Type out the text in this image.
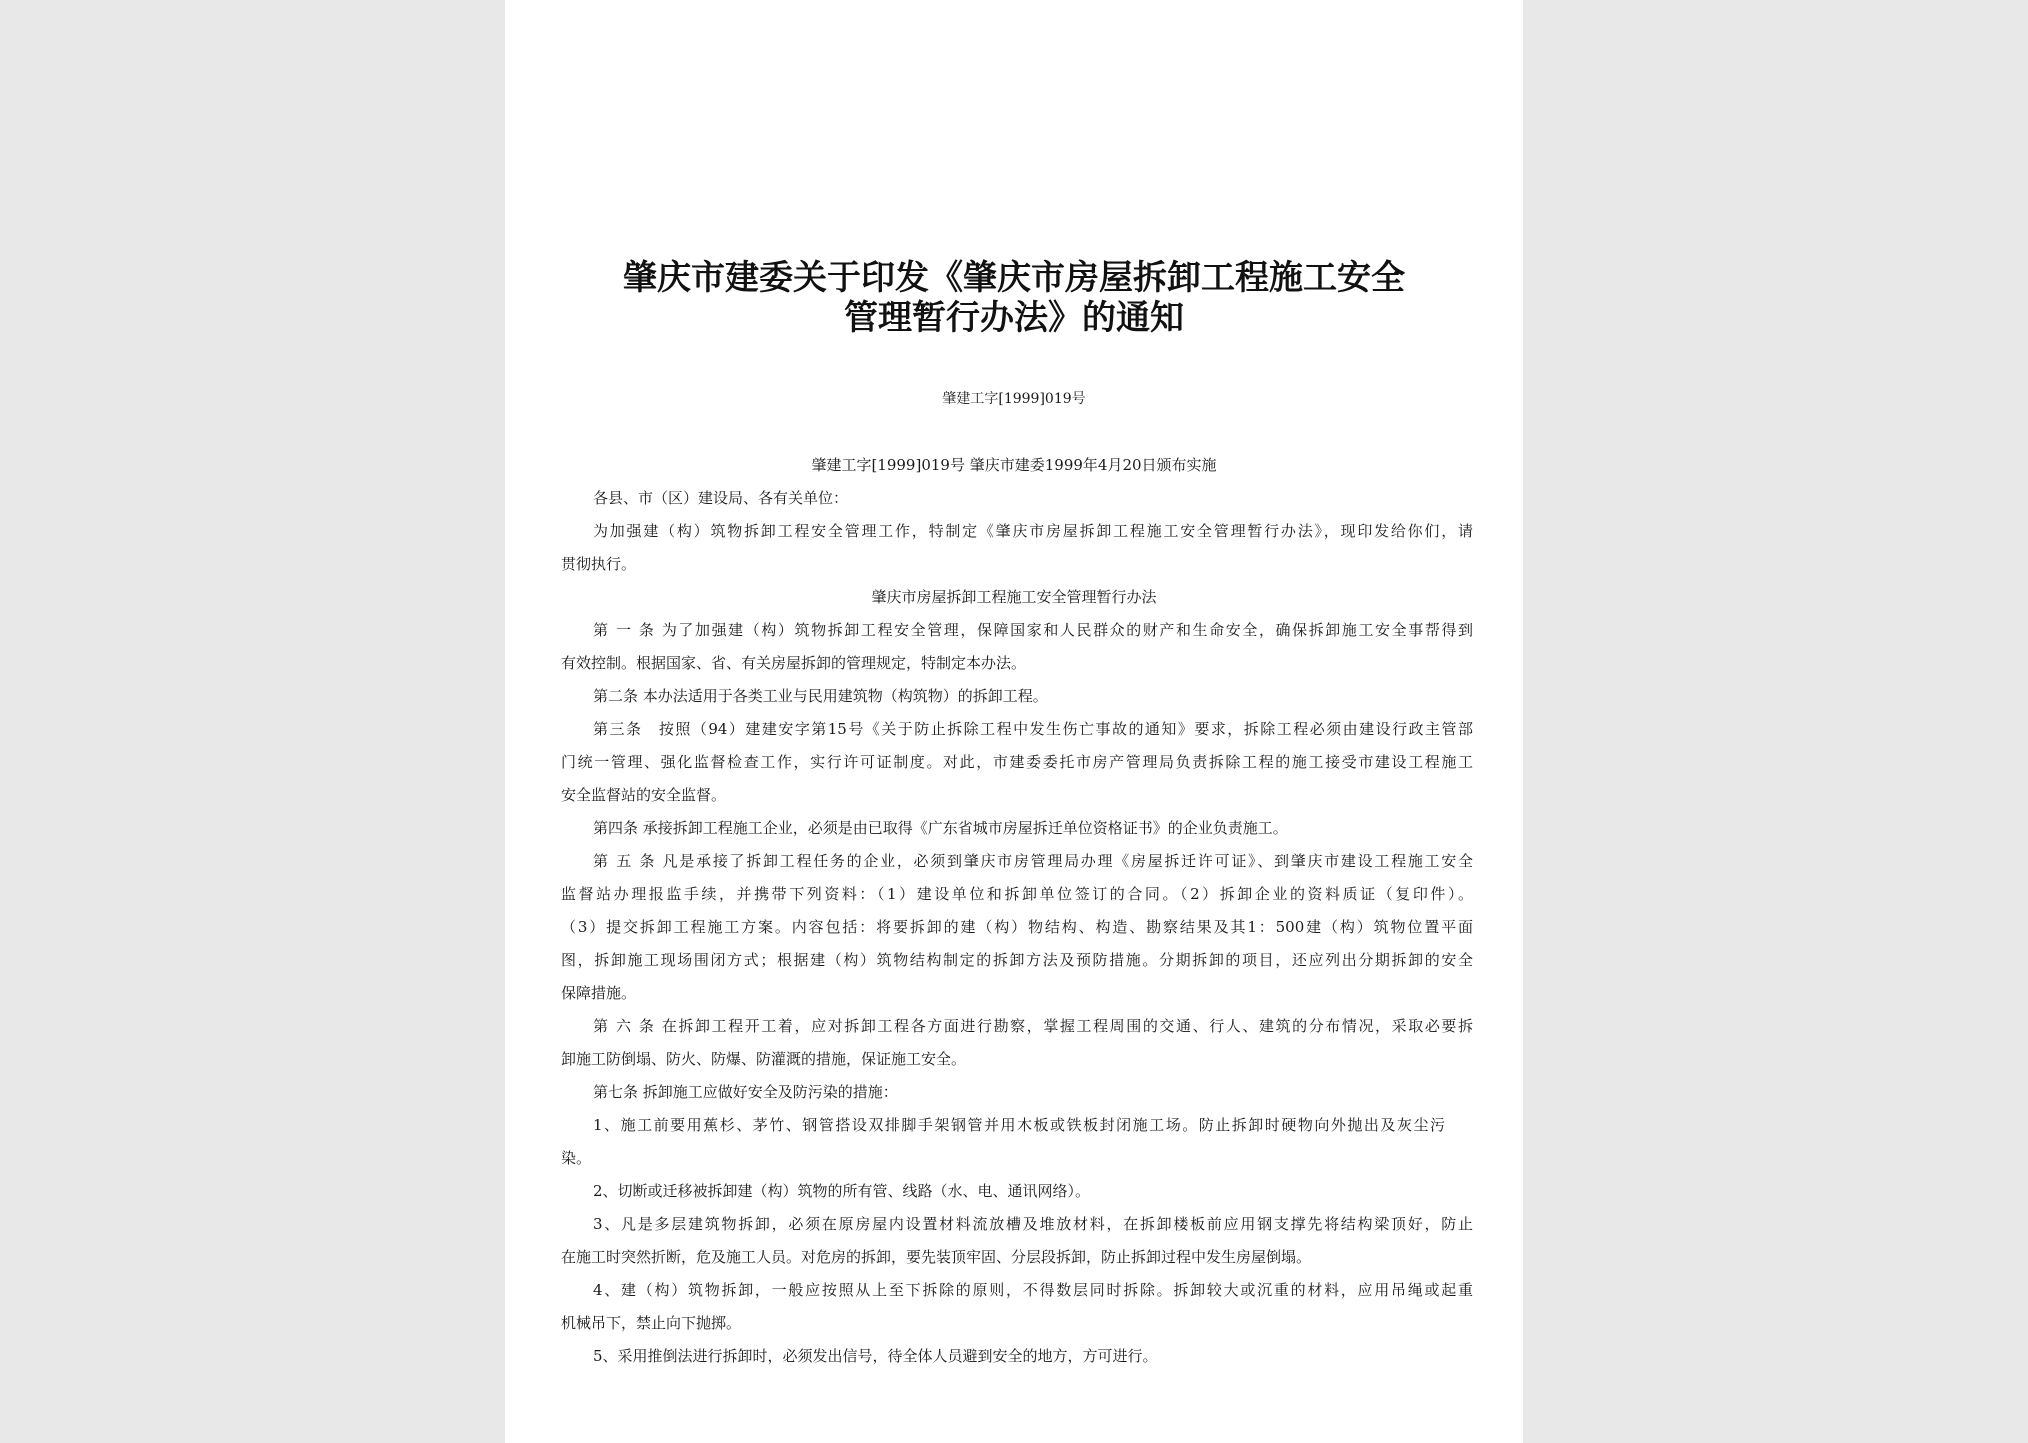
肇庆市建委关于印发《肇庆市房屋拆卸工程施工安全
管理暂行办法》的通知
肇建工字[1999]019号
肇建工字[1999]019号 肇庆市建委1999年4月20日颁布实施
各县、市（区）建设局、各有关单位：
为加强建（构）筑物拆卸工程安全管理工作，特制定《肇庆市房屋拆卸工程施工安全管理暂行办法》，现印发给你们，请
贯彻执行。
肇庆市房屋拆卸工程施工安全管理暂行办法
第 一 条 为了加强建（构）筑物拆卸工程安全管理，保障国家和人民群众的财产和生命安全，确保拆卸施工安全事帮得到
有效控制。根据国家、省、有关房屋拆卸的管理规定，特制定本办法。
第二条 本办法适用于各类工业与民用建筑物（构筑物）的拆卸工程。
第三条　按照（94）建建安字第15号《关于防止拆除工程中发生伤亡事故的通知》要求，拆除工程必须由建设行政主管部
门统一管理、强化监督检查工作，实行许可证制度。对此，市建委委托市房产管理局负责拆除工程的施工接受市建设工程施工
安全监督站的安全监督。
第四条 承接拆卸工程施工企业，必须是由已取得《广东省城市房屋拆迁单位资格证书》的企业负责施工。
第 五 条 凡是承接了拆卸工程任务的企业，必须到肇庆市房管理局办理《房屋拆迁许可证》、到肇庆市建设工程施工安全
监督站办理报监手续，并携带下列资料：（1）建设单位和拆卸单位签订的合同。（2）拆卸企业的资料质证（复印件）。
（3）提交拆卸工程施工方案。内容包括：将要拆卸的建（构）物结构、构造、勘察结果及其1：500建（构）筑物位置平面
图，拆卸施工现场围闭方式；根据建（构）筑物结构制定的拆卸方法及预防措施。分期拆卸的项目，还应列出分期拆卸的安全
保障措施。
第 六 条 在拆卸工程开工着，应对拆卸工程各方面进行勘察，掌握工程周围的交通、行人、建筑的分布情况，采取必要拆
卸施工防倒塌、防火、防爆、防灌溉的措施，保证施工安全。
第七条 拆卸施工应做好安全及防污染的措施：
1、施工前要用蕉杉、茅竹、钢管搭设双排脚手架钢管并用木板或铁板封闭施工场。防止拆卸时硬物向外抛出及灰尘污
染。
2、切断或迁移被拆卸建（构）筑物的所有管、线路（水、电、通讯网络）。
3、凡是多层建筑物拆卸，必须在原房屋内设置材料流放槽及堆放材料，在拆卸楼板前应用钢支撑先将结构梁顶好，防止
在施工时突然折断，危及施工人员。对危房的拆卸，要先装顶牢固、分层段拆卸，防止拆卸过程中发生房屋倒塌。
4、建（构）筑物拆卸，一般应按照从上至下拆除的原则，不得数层同时拆除。拆卸较大或沉重的材料，应用吊绳或起重
机械吊下，禁止向下抛掷。
5、采用推倒法进行拆卸时，必须发出信号，待全体人员避到安全的地方，方可进行。
